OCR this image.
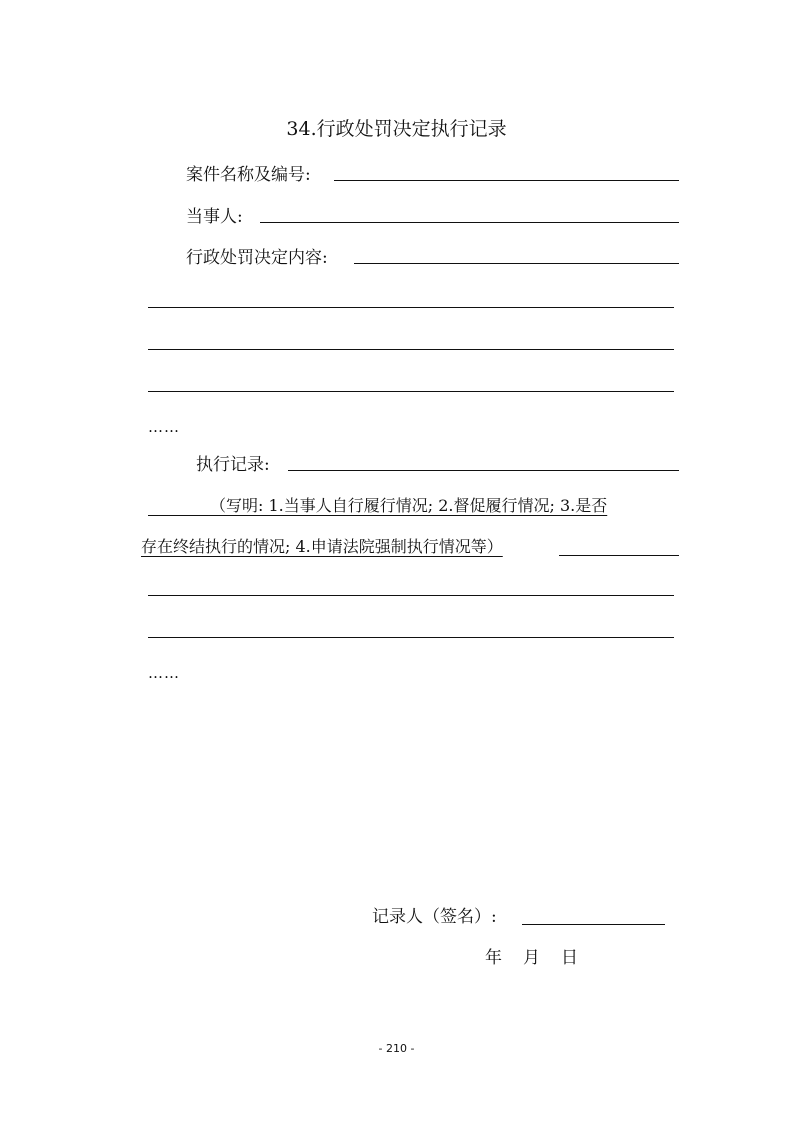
34.行政处罚决定执行记录
案件名称及编号:
当事人:
行政处罚决定内容:
……
执行记录:
（写明: 1.当事人自行履行情况; 2.督促履行情况; 3.是否
存在终结执行的情况; 4.申请法院强制执行情况等）
……
记录人（签名）:
年 月 日
- 210 -
